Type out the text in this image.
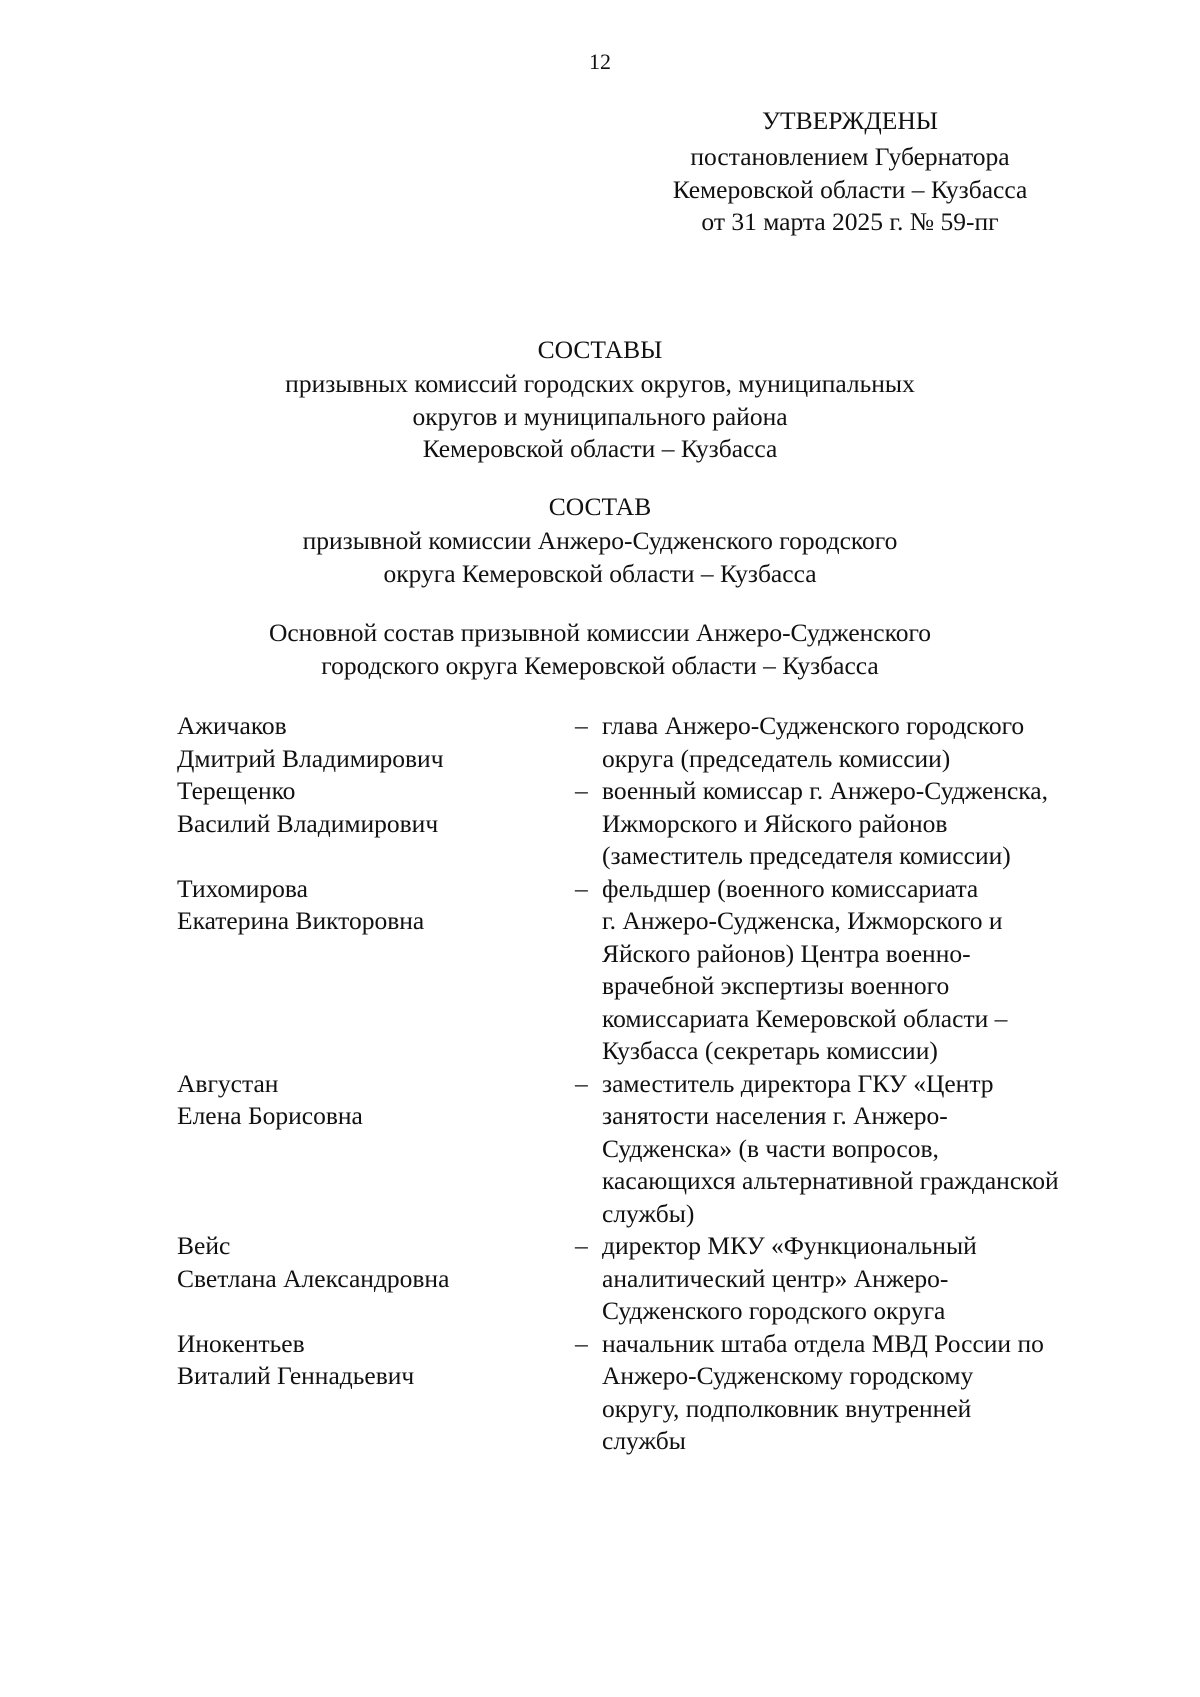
12
УТВЕРЖДЕНЫ
постановлением Губернатора
Кемеровской области – Кузбасса
от 31 марта 2025 г. № 59-пг
СОСТАВЫ
призывных комиссий городских округов, муниципальных
округов и муниципального района
Кемеровской области – Кузбасса
СОСТАВ
призывной комиссии Анжеро-Судженского городского
округа Кемеровской области – Кузбасса
Основной состав призывной комиссии Анжеро-Судженского
городского округа Кемеровской области – Кузбасса
Ажичаков
Дмитрий Владимирович
– глава Анжеро-Судженского городского
округа (председатель комиссии)
Терещенко
Василий Владимирович
– военный комиссар г. Анжеро-Судженска,
Ижморского и Яйского районов
(заместитель председателя комиссии)
Тихомирова
Екатерина Викторовна
– фельдшер (военного комиссариата
г. Анжеро-Судженска, Ижморского и
Яйского районов) Центра военно-
врачебной экспертизы военного
комиссариата Кемеровской области –
Кузбасса (секретарь комиссии)
Августан
Елена Борисовна
– заместитель директора ГКУ «Центр
занятости населения г. Анжеро-
Судженска» (в части вопросов,
касающихся альтернативной гражданской
службы)
Вейс
Светлана Александровна
– директор МКУ «Функциональный
аналитический центр» Анжеро-
Судженского городского округа
Инокентьев
Виталий Геннадьевич
– начальник штаба отдела МВД России по
Анжеро-Судженскому городскому
округу, подполковник внутренней
службы
